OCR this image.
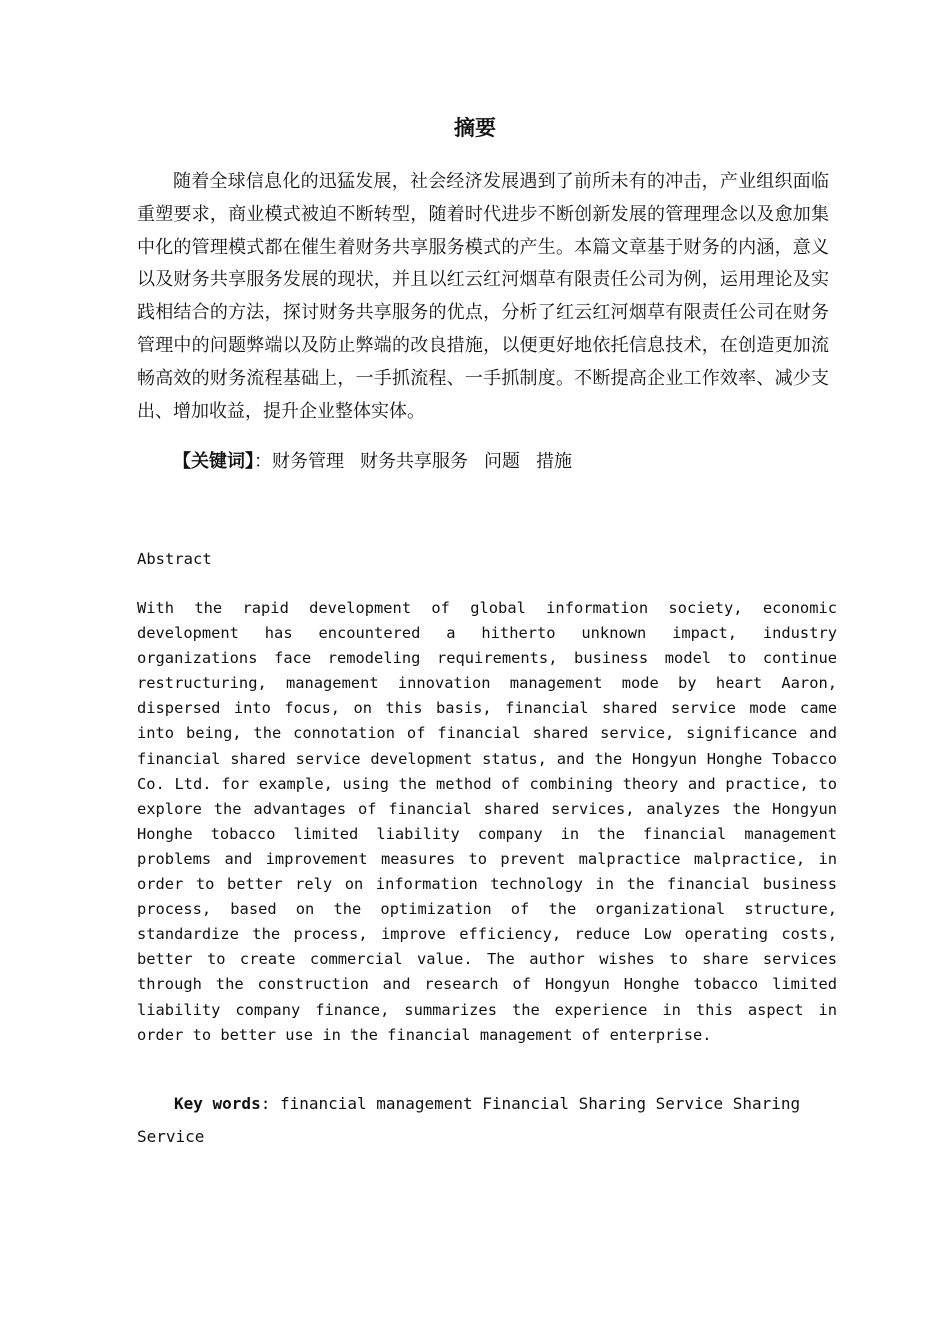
摘要

随着全球信息化的迅猛发展，社会经济发展遇到了前所未有的冲击，产业组织面临重塑要求，商业模式被迫不断转型，随着时代进步不断创新发展的管理理念以及愈加集中化的管理模式都在催生着财务共享服务模式的产生。本篇文章基于财务的内涵，意义以及财务共享服务发展的现状，并且以红云红河烟草有限责任公司为例，运用理论及实践相结合的方法，探讨财务共享服务的优点，分析了红云红河烟草有限责任公司在财务管理中的问题弊端以及防止弊端的改良措施，以便更好地依托信息技术，在创造更加流畅高效的财务流程基础上，一手抓流程、一手抓制度。不断提高企业工作效率、减少支出、增加收益，提升企业整体实体。

【关键词】：财务管理 财务共享服务 问题 措施
Abstract

With the rapid development of global information society, economic development has encountered a hitherto unknown impact, industry organizations face remodeling requirements, business model to continue restructuring, management innovation management mode by heart Aaron, dispersed into focus, on this basis, financial shared service mode came into being, the connotation of financial shared service, significance and financial shared service development status, and the Hongyun Honghe Tobacco Co. Ltd. for example, using the method of combining theory and practice, to explore the advantages of financial shared services, analyzes the Hongyun Honghe tobacco limited liability company in the financial management problems and improvement measures to prevent malpractice malpractice, in order to better rely on information technology in the financial business process, based on the optimization of the organizational structure, standardize the process, improve efficiency, reduce Low operating costs, better to create commercial value. The author wishes to share services through the construction and research of Hongyun Honghe tobacco limited liability company finance, summarizes the experience in this aspect in order to better use in the financial management of enterprise.

Key words: financial management Financial Sharing Service Sharing Service
